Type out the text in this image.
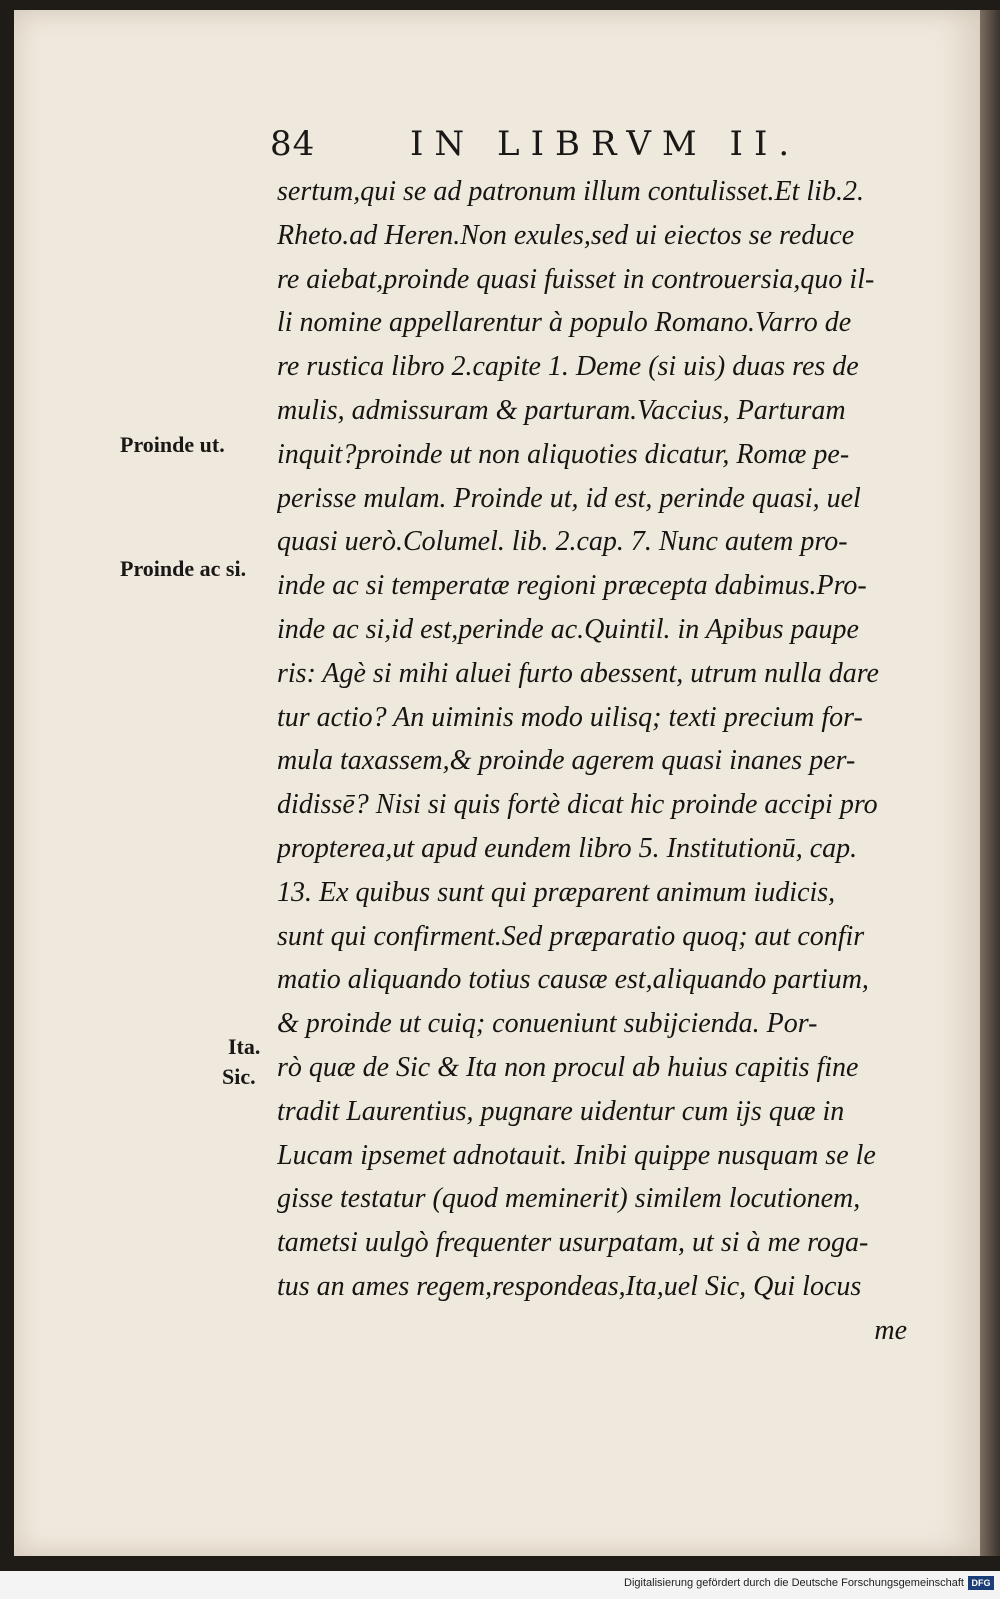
84	IN LIBRVM II.
sertum,qui se ad patronum illum contulisset.Et lib.2.
Rheto.ad Heren.Non exules,sed ui eiectos se reduce
re aiebat,proinde quasi fuisset in controuersia,quo il-
li nomine appellarentur à populo Romano.Varro de
re rustica libro 2.capite 1. Deme (si uis) duas res de
mulis, admissuram & parturam.Vaccius, Parturam
inquit?proinde ut non aliquoties dicatur, Romæ pe-
perisse mulam. Proinde ut, id est, perinde quasi, uel
quasi uerò.Columel. lib. 2.cap. 7. Nunc autem pro-
inde ac si temperatæ regioni præcepta dabimus.Pro-
inde ac si,id est,perinde ac.Quintil. in Apibus paupe
ris: Agè si mihi aluei furto abessent, utrum nulla dare
tur actio? An uiminis modo uilisq; texti precium for-
mula taxassem,& proinde agerem quasi inanes per-
didissē? Nisi si quis fortè dicat hic proinde accipi pro
propterea,ut apud eundem libro 5. Institutionū, cap.
13. Ex quibus sunt qui præparent animum iudicis,
sunt qui confirment.Sed præparatio quoq; aut confir
matio aliquando totius causæ est,aliquando partium,
& proinde ut cuiq; conueniunt subijcienda. Por-
rò quæ de Sic & Ita non procul ab huius capitis fine
tradit Laurentius, pugnare uidentur cum ijs quæ in
Lucam ipsemet adnotauit. Inibi quippe nusquam se le
gisse testatur (quod meminerit) similem locutionem,
tametsi uulgò frequenter usurpatam, ut si à me roga-
tus an ames regem,respondeas,Ita,uel Sic, Qui locus
me
Proinde ut.
Proinde ac si.
Ita.
Sic.
Digitalisierung gefördert durch die Deutsche Forschungsgemeinschaft DFG
